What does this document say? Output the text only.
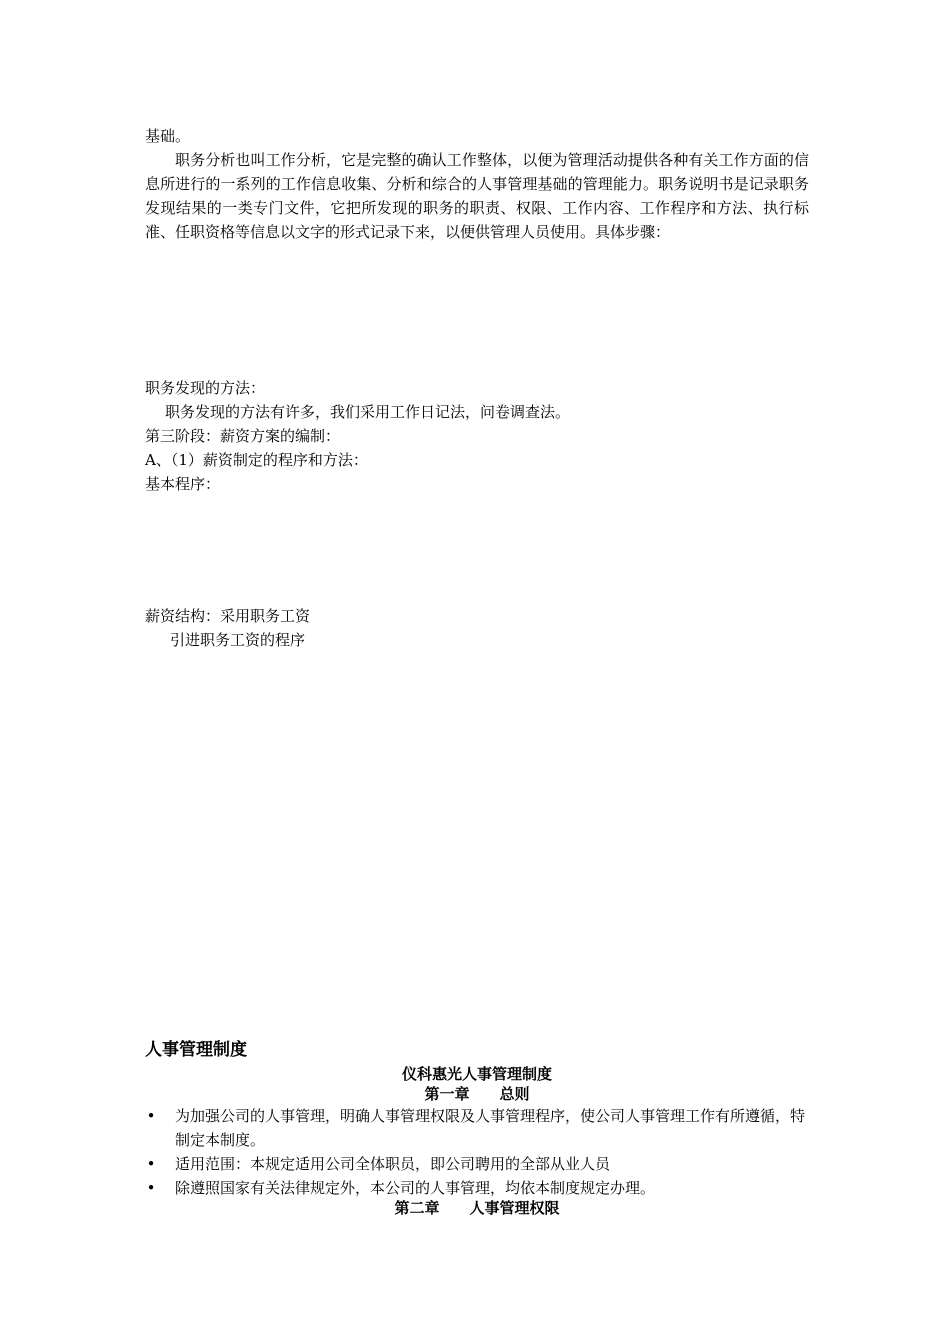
基础。
职务分析也叫工作分析，它是完整的确认工作整体，以便为管理活动提供各种有关工作方面的信息所进行的一系列的工作信息收集、分析和综合的人事管理基础的管理能力。职务说明书是记录职务发现结果的一类专门文件，它把所发现的职务的职责、权限、工作内容、工作程序和方法、执行标准、任职资格等信息以文字的形式记录下来，以便供管理人员使用。具体步骤：
职务发现的方法：
职务发现的方法有许多，我们采用工作日记法，问卷调查法。
第三阶段：薪资方案的编制：
A、（1）薪资制定的程序和方法：
基本程序：
薪资结构：采用职务工资
引进职务工资的程序
人事管理制度
仪科惠光人事管理制度
第一章　　总则
• 为加强公司的人事管理，明确人事管理权限及人事管理程序，使公司人事管理工作有所遵循，特制定本制度。
• 适用范围：本规定适用公司全体职员，即公司聘用的全部从业人员
• 除遵照国家有关法律规定外，本公司的人事管理，均依本制度规定办理。
第二章　　人事管理权限
